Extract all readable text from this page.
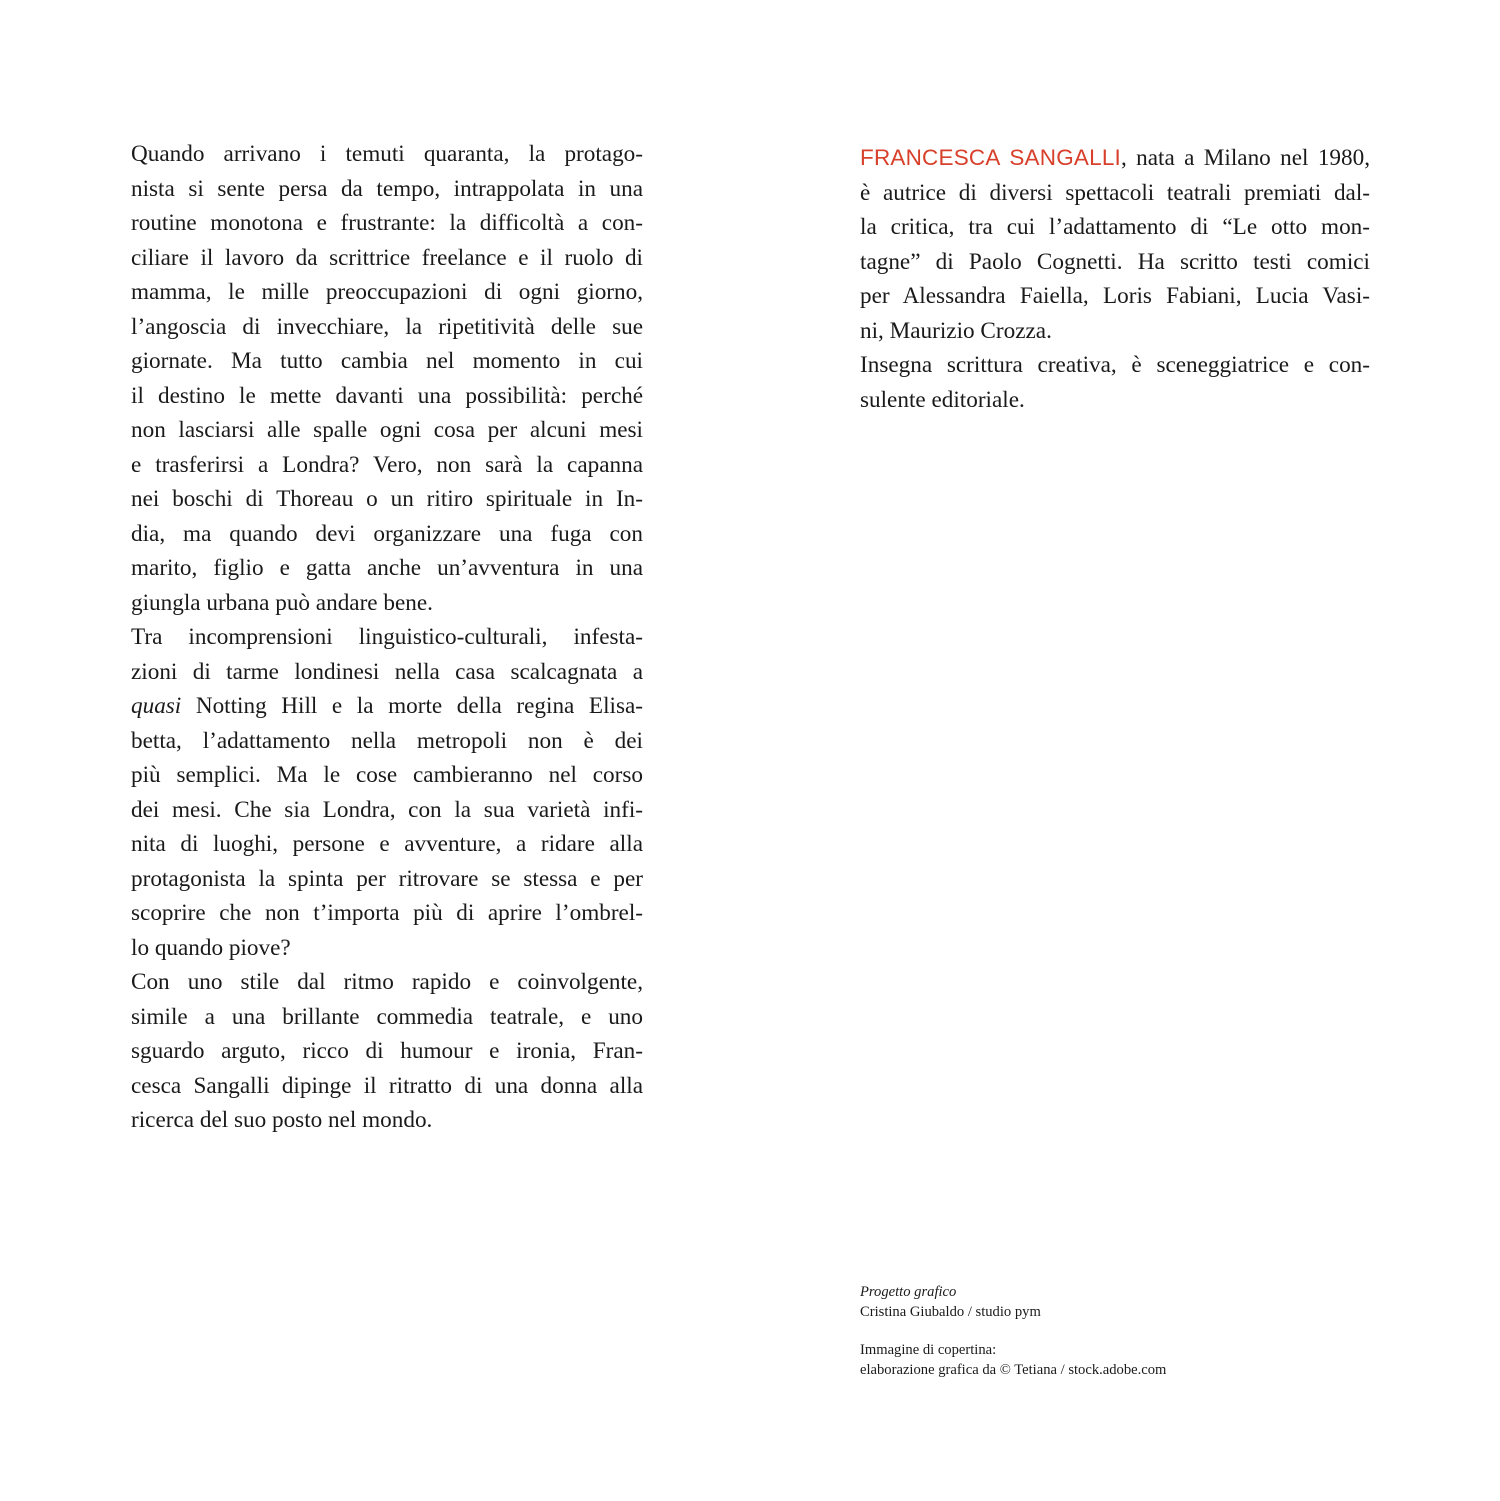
Quando arrivano i temuti quaranta, la protago-
nista si sente persa da tempo, intrappolata in una
routine monotona e frustrante: la difficoltà a con-
ciliare il lavoro da scrittrice freelance e il ruolo di
mamma, le mille preoccupazioni di ogni giorno,
l’angoscia di invecchiare, la ripetitività delle sue
giornate. Ma tutto cambia nel momento in cui
il destino le mette davanti una possibilità: perché
non lasciarsi alle spalle ogni cosa per alcuni mesi
e trasferirsi a Londra? Vero, non sarà la capanna
nei boschi di Thoreau o un ritiro spirituale in In-
dia, ma quando devi organizzare una fuga con
marito, figlio e gatta anche un’avventura in una
giungla urbana può andare bene.
Tra incomprensioni linguistico-culturali, infesta-
zioni di tarme londinesi nella casa scalcagnata a
quasi Notting Hill e la morte della regina Elisa-
betta, l’adattamento nella metropoli non è dei
più semplici. Ma le cose cambieranno nel corso
dei mesi. Che sia Londra, con la sua varietà infi-
nita di luoghi, persone e avventure, a ridare alla
protagonista la spinta per ritrovare se stessa e per
scoprire che non t’importa più di aprire l’ombrel-
lo quando piove?
Con uno stile dal ritmo rapido e coinvolgente,
simile a una brillante commedia teatrale, e uno
sguardo arguto, ricco di humour e ironia, Fran-
cesca Sangalli dipinge il ritratto di una donna alla
ricerca del suo posto nel mondo.
FRANCESCA SANGALLI, nata a Milano nel 1980,
è autrice di diversi spettacoli teatrali premiati dal-
la critica, tra cui l’adattamento di “Le otto mon-
tagne” di Paolo Cognetti. Ha scritto testi comici
per Alessandra Faiella, Loris Fabiani, Lucia Vasi-
ni, Maurizio Crozza.
Insegna scrittura creativa, è sceneggiatrice e con-
sulente editoriale.
Progetto grafico
Cristina Giubaldo / studio pym
Immagine di copertina:
elaborazione grafica da © Tetiana / stock.adobe.com
